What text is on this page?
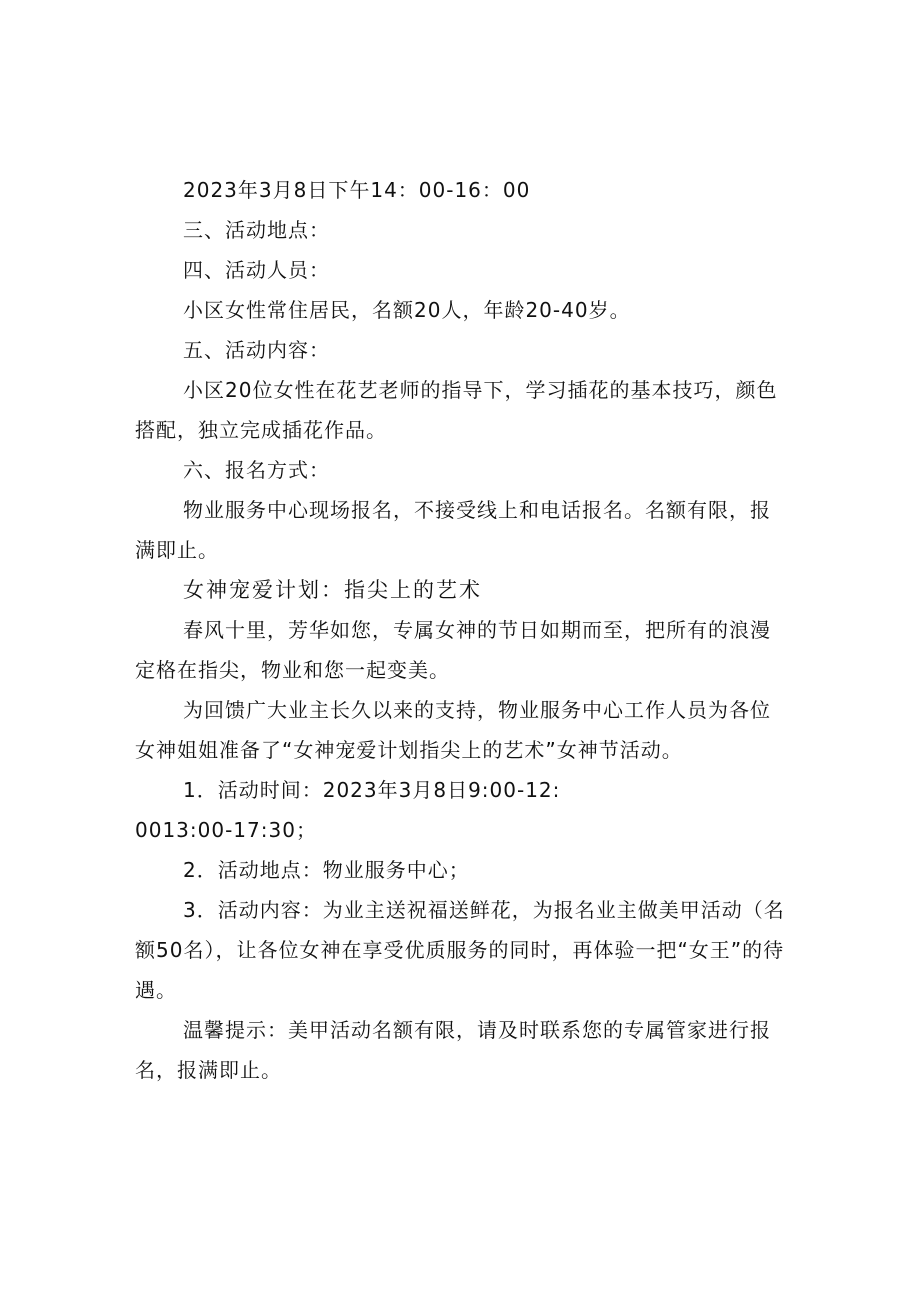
2023年3月8日下午14：00-16：00

三、活动地点：

四、活动人员：

小区女性常住居民，名额20人，年龄20-40岁。

五、活动内容：

小区20位女性在花艺老师的指导下，学习插花的基本技巧，颜色搭配，独立完成插花作品。

六、报名方式：

物业服务中心现场报名，不接受线上和电话报名。名额有限，报满即止。

女神宠爱计划：指尖上的艺术

春风十里，芳华如您，专属女神的节日如期而至，把所有的浪漫定格在指尖，物业和您一起变美。

为回馈广大业主长久以来的支持，物业服务中心工作人员为各位女神姐姐准备了“女神宠爱计划指尖上的艺术”女神节活动。

1．活动时间：2023年3月8日9:00-12:

0013:00-17:30；

2．活动地点：物业服务中心；

3．活动内容：为业主送祝福送鲜花，为报名业主做美甲活动（名额50名），让各位女神在享受优质服务的同时，再体验一把“女王”的待遇。

温馨提示：美甲活动名额有限，请及时联系您的专属管家进行报名，报满即止。
